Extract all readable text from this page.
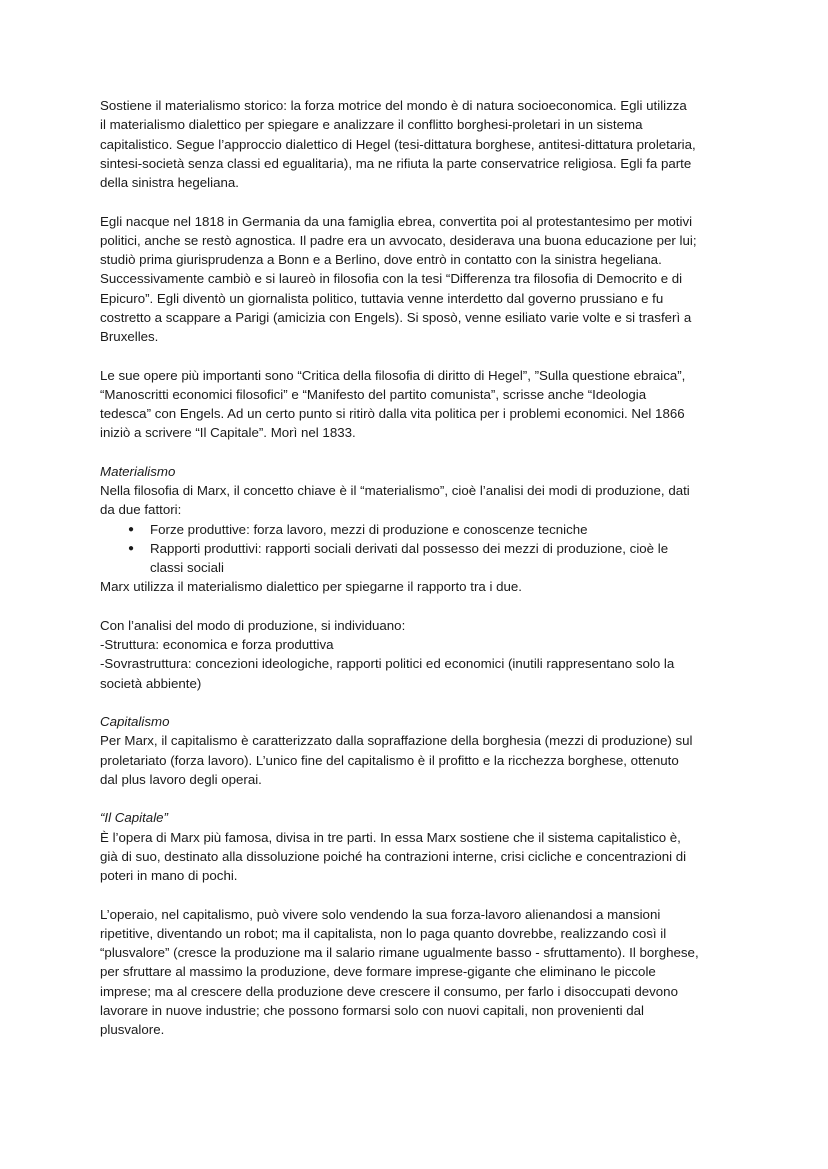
Sostiene il materialismo storico: la forza motrice del mondo è di natura socioeconomica. Egli utilizza
il materialismo dialettico per spiegare e analizzare il conflitto borghesi-proletari in un sistema
capitalistico. Segue l’approccio dialettico di Hegel (tesi-dittatura borghese, antitesi-dittatura proletaria,
sintesi-società senza classi ed egualitaria), ma ne rifiuta la parte conservatrice religiosa. Egli fa parte
della sinistra hegeliana.
Egli nacque nel 1818 in Germania da una famiglia ebrea, convertita poi al protestantesimo per motivi
politici, anche se restò agnostica. Il padre era un avvocato, desiderava una buona educazione per lui;
studiò prima giurisprudenza a Bonn e a Berlino, dove entrò in contatto con la sinistra hegeliana.
Successivamente cambiò e si laureò in filosofia con la tesi “Differenza tra filosofia di Democrito e di
Epicuro”. Egli diventò un giornalista politico, tuttavia venne interdetto dal governo prussiano e fu
costretto a scappare a Parigi (amicizia con Engels). Si sposò, venne esiliato varie volte e si trasferì a
Bruxelles.
Le sue opere più importanti sono “Critica della filosofia di diritto di Hegel”, ”Sulla questione ebraica”,
“Manoscritti economici filosofici” e “Manifesto del partito comunista”, scrisse anche “Ideologia
tedesca” con Engels. Ad un certo punto si ritirò dalla vita politica per i problemi economici. Nel 1866
iniziò a scrivere “Il Capitale”. Morì nel 1833.
Materialismo
Nella filosofia di Marx, il concetto chiave è il “materialismo”, cioè l’analisi dei modi di produzione, dati
da due fattori:
● Forze produttive: forza lavoro, mezzi di produzione e conoscenze tecniche
● Rapporti produttivi: rapporti sociali derivati dal possesso dei mezzi di produzione, cioè le
classi sociali
Marx utilizza il materialismo dialettico per spiegarne il rapporto tra i due.
Con l’analisi del modo di produzione, si individuano:
-Struttura: economica e forza produttiva
-Sovrastruttura: concezioni ideologiche, rapporti politici ed economici (inutili rappresentano solo la
società abbiente)
Capitalismo
Per Marx, il capitalismo è caratterizzato dalla sopraffazione della borghesia (mezzi di produzione) sul
proletariato (forza lavoro). L’unico fine del capitalismo è il profitto e la ricchezza borghese, ottenuto
dal plus lavoro degli operai.
“Il Capitale”
È l’opera di Marx più famosa, divisa in tre parti. In essa Marx sostiene che il sistema capitalistico è,
già di suo, destinato alla dissoluzione poiché ha contrazioni interne, crisi cicliche e concentrazioni di
poteri in mano di pochi.
L’operaio, nel capitalismo, può vivere solo vendendo la sua forza-lavoro alienandosi a mansioni
ripetitive, diventando un robot; ma il capitalista, non lo paga quanto dovrebbe, realizzando così il
“plusvalore” (cresce la produzione ma il salario rimane ugualmente basso - sfruttamento). Il borghese,
per sfruttare al massimo la produzione, deve formare imprese-gigante che eliminano le piccole
imprese; ma al crescere della produzione deve crescere il consumo, per farlo i disoccupati devono
lavorare in nuove industrie; che possono formarsi solo con nuovi capitali, non provenienti dal
plusvalore.
